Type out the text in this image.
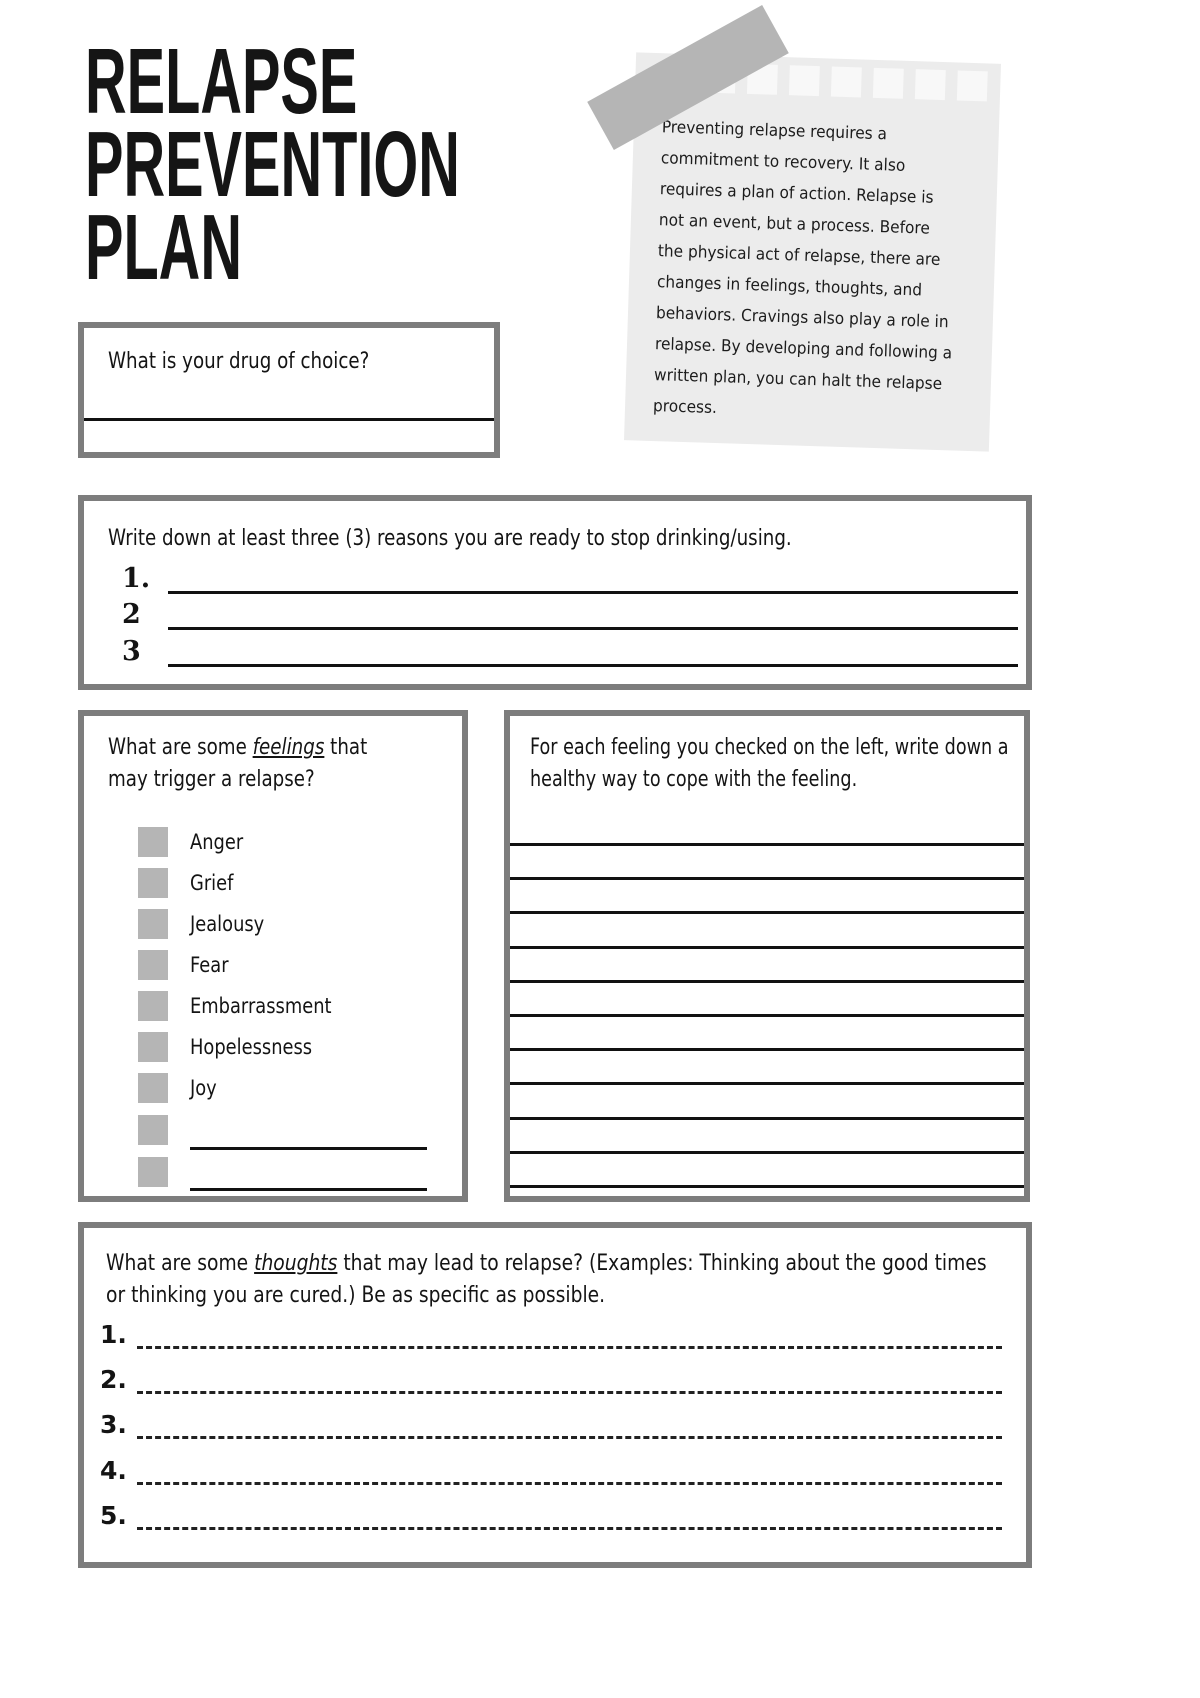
RELAPSE
PREVENTION
PLAN
Preventing relapse requires a
commitment to recovery. It also
requires a plan of action. Relapse is
not an event, but a process. Before
the physical act of relapse, there are
changes in feelings, thoughts, and
behaviors. Cravings also play a role in
relapse. By developing and following a
written plan, you can halt the relapse
process.
What is your drug of choice?
Write down at least three (3) reasons you are ready to stop drinking/using.
1.
2
3
What are some feelings that
may trigger a relapse?
Anger
Grief
Jealousy
Fear
Embarrassment
Hopelessness
Joy
For each feeling you checked on the left, write down a
healthy way to cope with the feeling.
What are some thoughts that may lead to relapse? (Examples: Thinking about the good times
or thinking you are cured.) Be as specific as possible.
1.
2.
3.
4.
5.
